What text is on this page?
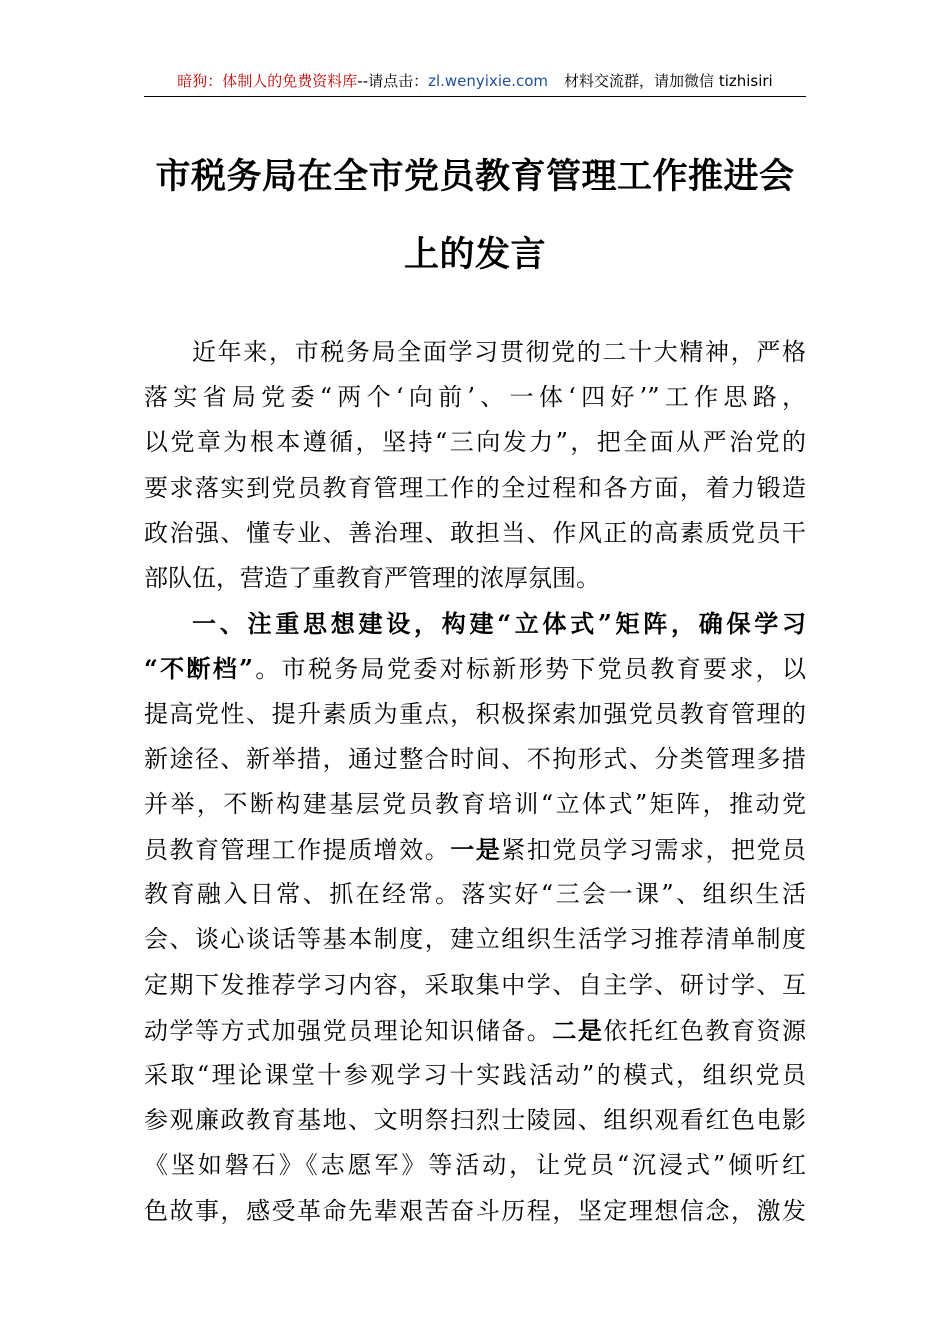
暗狗：体制人的免费资料库--请点击：zl.wenyixie.com 材料交流群，请加微信 tizhisiri
市税务局在全市党员教育管理工作推进会
上的发言
近年来，市税务局全面学习贯彻党的二十大精神，严格
落实省局党委“两个‘向前’、一体‘四好’”工作思路，
以党章为根本遵循，坚持“三向发力”，把全面从严治党的
要求落实到党员教育管理工作的全过程和各方面，着力锻造
政治强、懂专业、善治理、敢担当、作风正的高素质党员干
部队伍，营造了重教育严管理的浓厚氛围。
一、注重思想建设，构建“立体式”矩阵，确保学习
“不断档”。市税务局党委对标新形势下党员教育要求，以
提高党性、提升素质为重点，积极探索加强党员教育管理的
新途径、新举措，通过整合时间、不拘形式、分类管理多措
并举，不断构建基层党员教育培训“立体式”矩阵，推动党
员教育管理工作提质增效。一是紧扣党员学习需求，把党员
教育融入日常、抓在经常。落实好“三会一课”、组织生活
会、谈心谈话等基本制度，建立组织生活学习推荐清单制度
定期下发推荐学习内容，采取集中学、自主学、研讨学、互
动学等方式加强党员理论知识储备。二是依托红色教育资源
采取“理论课堂十参观学习十实践活动”的模式，组织党员
参观廉政教育基地、文明祭扫烈士陵园、组织观看红色电影
《坚如磐石》《志愿军》等活动，让党员“沉浸式”倾听红
色故事，感受革命先辈艰苦奋斗历程，坚定理想信念，激发
